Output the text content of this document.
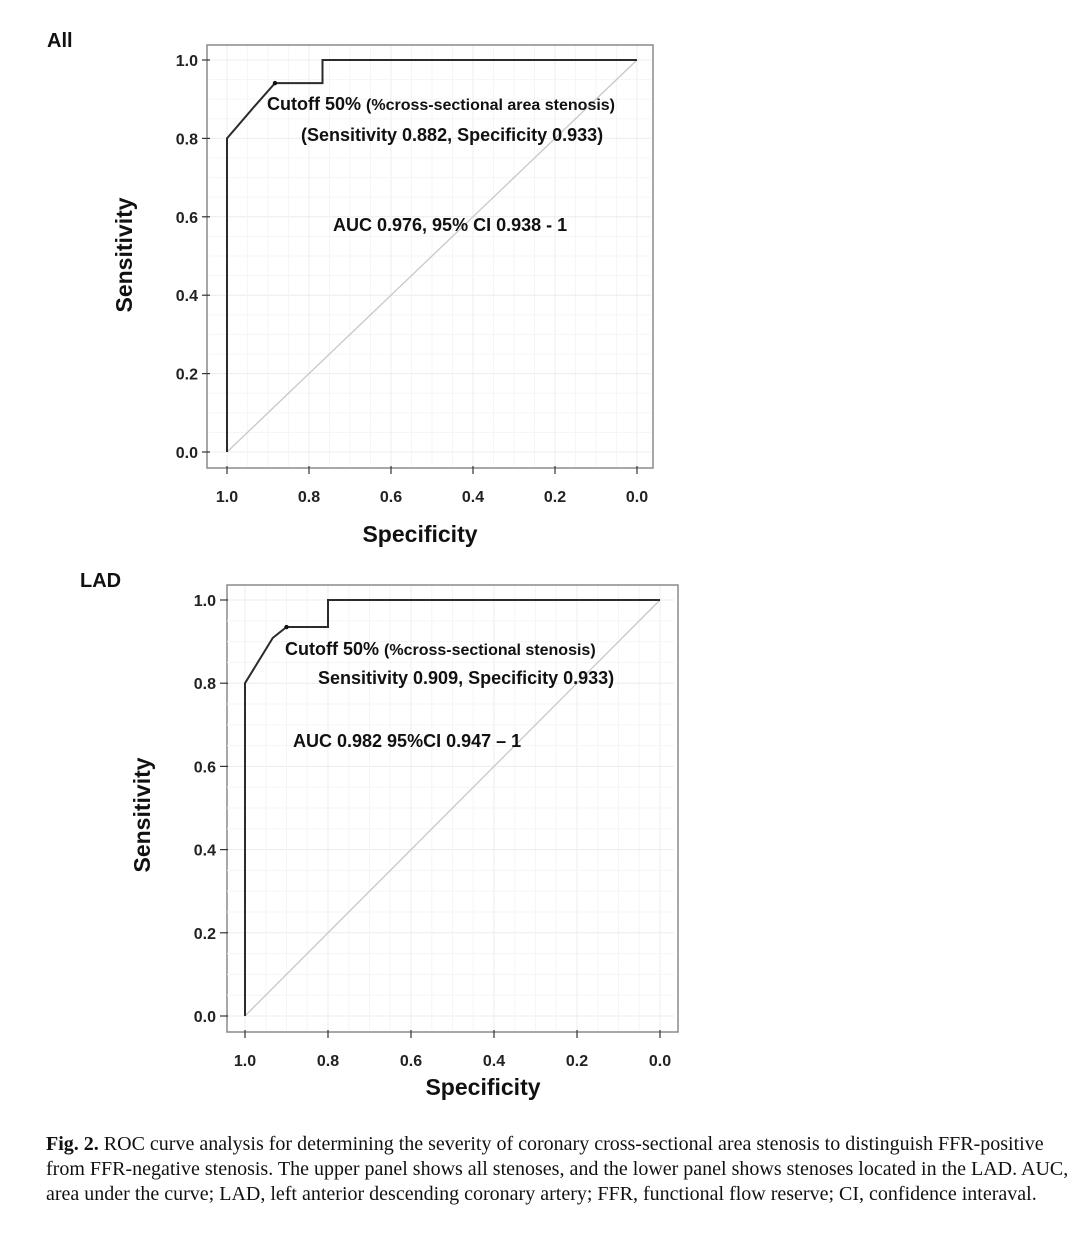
All
0.0
0.2
0.4
0.6
0.8
1.0
1.0	0.8	0.6	0.4	0.2	0.0
Cutoff 50% (%cross-sectional area stenosis)
(Sensitivity 0.882, Specificity 0.933)
AUC 0.976, 95% CI 0.938 - 1
Sensitivity
Specificity
LAD
0.0
0.2
0.4
0.6
0.8
1.0
1.0	0.8	0.6	0.4	0.2	0.0
Cutoff 50% (%cross-sectional stenosis)
Sensitivity 0.909, Specificity 0.933)
AUC 0.982 95%CI 0.947 – 1
Sensitivity
Specificity

Fig. 2. ROC curve analysis for determining the severity of coronary cross-sectional area stenosis to distinguish FFR-positive from FFR-negative stenosis. The upper panel shows all stenoses, and the lower panel shows stenoses located in the LAD. AUC, area under the curve; LAD, left anterior descending coronary artery; FFR, functional flow reserve; CI, confidence interaval.
